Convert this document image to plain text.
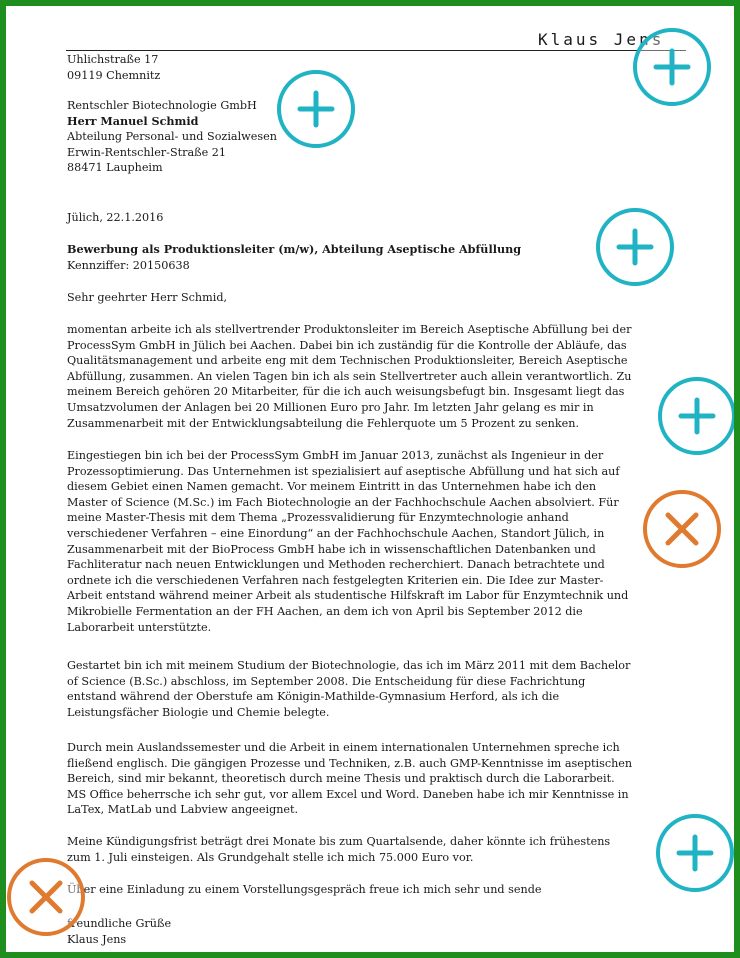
Klaus Jens
Uhlichstraße 17
09119 Chemnitz
Rentschler Biotechnologie GmbH
Herr Manuel Schmid
Abteilung Personal- und Sozialwesen
Erwin-Rentschler-Straße 21
88471 Laupheim
Jülich, 22.1.2016
Bewerbung als Produktionsleiter (m/w), Abteilung Aseptische Abfüllung
Kennziffer: 20150638
Sehr geehrter Herr Schmid,
momentan arbeite ich als stellvertrender Produktonsleiter im Bereich Aseptische Abfüllung bei der
ProcessSym GmbH in Jülich bei Aachen. Dabei bin ich zuständig für die Kontrolle der Abläufe, das
Qualitätsmanagement und arbeite eng mit dem Technischen Produktionsleiter, Bereich Aseptische
Abfüllung, zusammen. An vielen Tagen bin ich als sein Stellvertreter auch allein verantwortlich. Zu
meinem Bereich gehören 20 Mitarbeiter, für die ich auch weisungsbefugt bin. Insgesamt liegt das
Umsatzvolumen der Anlagen bei 20 Millionen Euro pro Jahr. Im letzten Jahr gelang es mir in
Zusammenarbeit mit der Entwicklungsabteilung die Fehlerquote um 5 Prozent zu senken.
Eingestiegen bin ich bei der ProcessSym GmbH im Januar 2013, zunächst als Ingenieur in der
Prozessoptimierung. Das Unternehmen ist spezialisiert auf aseptische Abfüllung und hat sich auf
diesem Gebiet einen Namen gemacht. Vor meinem Eintritt in das Unternehmen habe ich den
Master of Science (M.Sc.) im Fach Biotechnologie an der Fachhochschule Aachen absolviert. Für
meine Master-Thesis mit dem Thema „Prozessvalidierung für Enzymtechnologie anhand
verschiedener Verfahren – eine Einordung“ an der Fachhochschule Aachen, Standort Jülich, in
Zusammenarbeit mit der BioProcess GmbH habe ich in wissenschaftlichen Datenbanken und
Fachliteratur nach neuen Entwicklungen und Methoden recherchiert. Danach betrachtete und
ordnete ich die verschiedenen Verfahren nach festgelegten Kriterien ein. Die Idee zur Master-
Arbeit entstand während meiner Arbeit als studentische Hilfskraft im Labor für Enzymtechnik und
Mikrobielle Fermentation an der FH Aachen, an dem ich von April bis September 2012 die
Laborarbeit unterstützte.
Gestartet bin ich mit meinem Studium der Biotechnologie, das ich im März 2011 mit dem Bachelor
of Science (B.Sc.) abschloss, im September 2008. Die Entscheidung für diese Fachrichtung
entstand während der Oberstufe am Königin-Mathilde-Gymnasium Herford, als ich die
Leistungsfächer Biologie und Chemie belegte.
Durch mein Auslandssemester und die Arbeit in einem internationalen Unternehmen spreche ich
fließend englisch. Die gängigen Prozesse und Techniken, z.B. auch GMP-Kenntnisse im aseptischen
Bereich, sind mir bekannt, theoretisch durch meine Thesis und praktisch durch die Laborarbeit.
MS Office beherrsche ich sehr gut, vor allem Excel und Word. Daneben habe ich mir Kenntnisse in
LaTex, MatLab und Labview angeeignet.
Meine Kündigungsfrist beträgt drei Monate bis zum Quartalsende, daher könnte ich frühestens
zum 1. Juli einsteigen. Als Grundgehalt stelle ich mich 75.000 Euro vor.
Über eine Einladung zu einem Vorstellungsgespräch freue ich mich sehr und sende
freundliche Grüße
Klaus Jens
